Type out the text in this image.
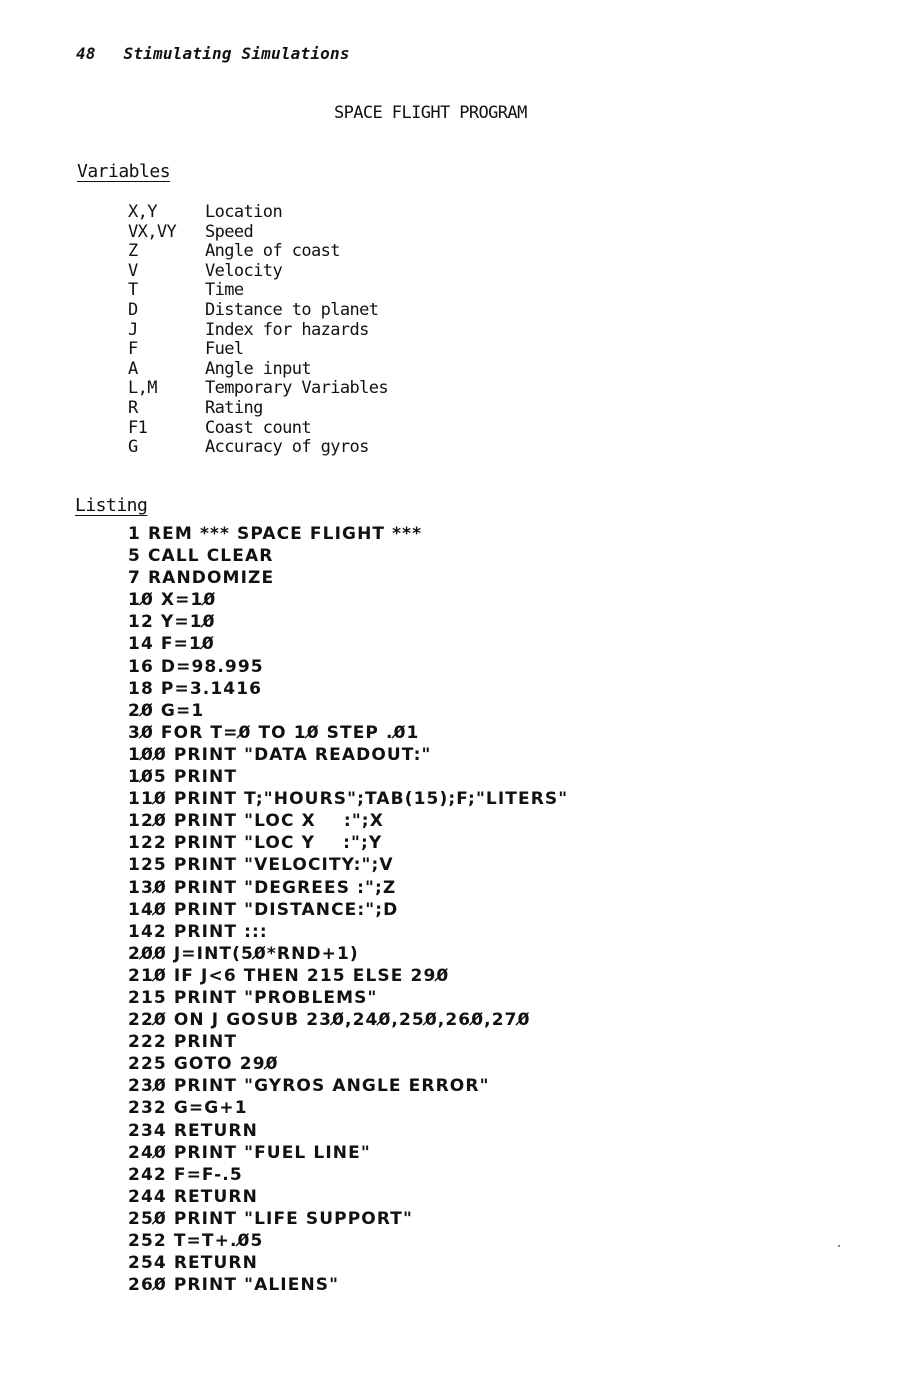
48 Stimulating Simulations
SPACE FLIGHT PROGRAM
Variables
X,Y	Location
VX,VY	Speed
Z	Angle of coast
V	Velocity
T	Time
D	Distance to planet
J	Index for hazards
F	Fuel
A	Angle input
L,M	Temporary Variables
R	Rating
F1	Coast count
G	Accuracy of gyros
Listing
1 REM *** SPACE FLIGHT ***
5 CALL CLEAR
7 RANDOMIZE
10̸ X=10̸
12 Y=10̸
14 F=10̸
16 D=98.995
18 P=3.1416
20̸ G=1
30̸ FOR T=0̸ TO 10̸ STEP .0̸1
10̸0̸ PRINT "DATA READOUT:"
10̸5 PRINT
110̸ PRINT T;"HOURS";TAB(15);F;"LITERS"
120̸ PRINT "LOC X :";X
122 PRINT "LOC Y :";Y
125 PRINT "VELOCITY:";V
130̸ PRINT "DEGREES :";Z
140̸ PRINT "DISTANCE:";D
142 PRINT :::
20̸0̸ J=INT(50̸*RND+1)
210̸ IF J<6 THEN 215 ELSE 290̸
215 PRINT "PROBLEMS"
220̸ ON J GOSUB 230̸,240̸,250̸,260̸,270̸
222 PRINT
225 GOTO 290̸
230̸ PRINT "GYROS ANGLE ERROR"
232 G=G+1
234 RETURN
240̸ PRINT "FUEL LINE"
242 F=F-.5
244 RETURN
250̸ PRINT "LIFE SUPPORT"
252 T=T+.0̸5
254 RETURN
260̸ PRINT "ALIENS"
